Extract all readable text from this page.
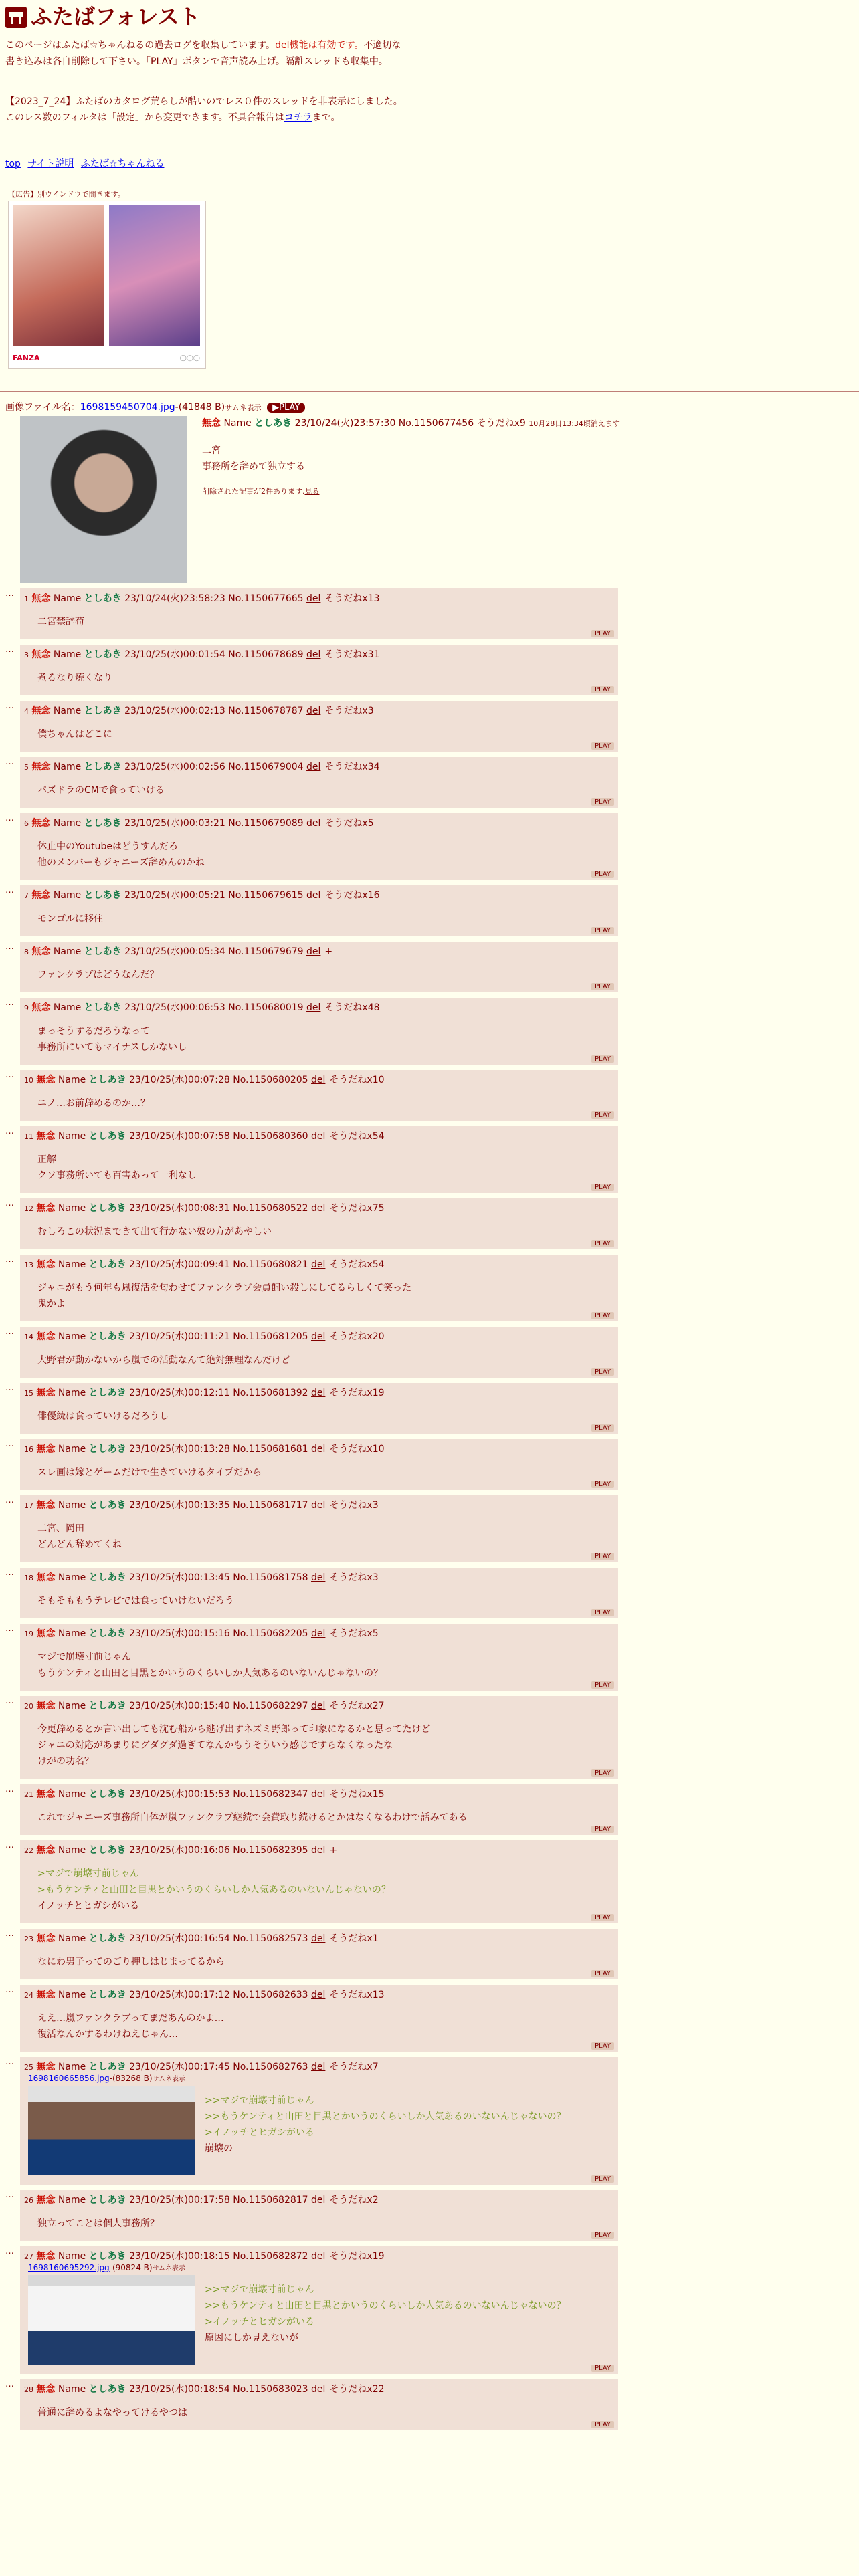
ふたばフォレスト

このページはふたば☆ちゃんねるの過去ログを収集しています。del機能は有効です。不適切な書き込みは各自削除して下さい。「PLAY」ボタンで音声読み上げ。隔離スレッドも収集中。

【2023_7_24】ふたばのカタログ荒らしが酷いのでレス０件のスレッドを非表示にしました。このレス数のフィルタは「設定」から変更できます。不具合報告はコチラまで。

top サイト説明 ふたば☆ちゃんねる
【広告】別ウインドウで開きます。
FANZA	◯◯◯
画像ファイル名：1698159450704.jpg-(41848 B)サムネ表示 ▶PLAY
無念 Name としあき 23/10/24(火)23:57:30 No.1150677456 そうだねx9 10月28日13:34頃消えます
二宮
事務所を辞めて独立する
削除された記事が2件あります.見る
…
1 無念 Name としあき 23/10/24(火)23:58:23 No.1150677665 del そうだねx13
二宮禁辞苟
PLAY
…
3 無念 Name としあき 23/10/25(水)00:01:54 No.1150678689 del そうだねx31
煮るなり焼くなり
PLAY
…
4 無念 Name としあき 23/10/25(水)00:02:13 No.1150678787 del そうだねx3
僕ちゃんはどこに
PLAY
…
5 無念 Name としあき 23/10/25(水)00:02:56 No.1150679004 del そうだねx34
パズドラのCMで食っていける
PLAY
…
6 無念 Name としあき 23/10/25(水)00:03:21 No.1150679089 del そうだねx5
休止中のYoutubeはどうすんだろ
他のメンバーもジャニーズ辞めんのかね
PLAY
…
7 無念 Name としあき 23/10/25(水)00:05:21 No.1150679615 del そうだねx16
モンゴルに移住
PLAY
…
8 無念 Name としあき 23/10/25(水)00:05:34 No.1150679679 del +
ファンクラブはどうなんだ？
PLAY
…
9 無念 Name としあき 23/10/25(水)00:06:53 No.1150680019 del そうだねx48
まっそうするだろうなって
事務所にいてもマイナスしかないし
PLAY
…
10 無念 Name としあき 23/10/25(水)00:07:28 No.1150680205 del そうだねx10
ニノ…お前辞めるのか…？
PLAY
…
11 無念 Name としあき 23/10/25(水)00:07:58 No.1150680360 del そうだねx54
正解
クソ事務所いても百害あって一利なし
PLAY
…
12 無念 Name としあき 23/10/25(水)00:08:31 No.1150680522 del そうだねx75
むしろこの状況まできて出て行かない奴の方があやしい
PLAY
…
13 無念 Name としあき 23/10/25(水)00:09:41 No.1150680821 del そうだねx54
ジャニがもう何年も嵐復活を匂わせてファンクラブ会員飼い殺しにしてるらしくて笑った
鬼かよ
PLAY
…
14 無念 Name としあき 23/10/25(水)00:11:21 No.1150681205 del そうだねx20
大野君が動かないから嵐での活動なんて絶対無理なんだけど
PLAY
…
15 無念 Name としあき 23/10/25(水)00:12:11 No.1150681392 del そうだねx19
俳優続は食っていけるだろうし
PLAY
…
16 無念 Name としあき 23/10/25(水)00:13:28 No.1150681681 del そうだねx10
スレ画は嫁とゲームだけで生きていけるタイプだから
PLAY
…
17 無念 Name としあき 23/10/25(水)00:13:35 No.1150681717 del そうだねx3
二宮、岡田
どんどん辞めてくね
PLAY
…
18 無念 Name としあき 23/10/25(水)00:13:45 No.1150681758 del そうだねx3
そもそももうテレビでは食っていけないだろう
PLAY
…
19 無念 Name としあき 23/10/25(水)00:15:16 No.1150682205 del そうだねx5
マジで崩壊寸前じゃん
もうケンティと山田と目黒とかいうのくらいしか人気あるのいないんじゃないの？
PLAY
…
20 無念 Name としあき 23/10/25(水)00:15:40 No.1150682297 del そうだねx27
今更辞めるとか言い出しても沈む船から逃げ出すネズミ野郎って印象になるかと思ってたけど
ジャニの対応があまりにグダグダ過ぎてなんかもうそういう感じですらなくなったな
けがの功名？
PLAY
…
21 無念 Name としあき 23/10/25(水)00:15:53 No.1150682347 del そうだねx15
これでジャニーズ事務所自体が嵐ファンクラブ継続で会費取り続けるとかはなくなるわけで話みてある
PLAY
…
22 無念 Name としあき 23/10/25(水)00:16:06 No.1150682395 del +
>マジで崩壊寸前じゃん
>もうケンティと山田と目黒とかいうのくらいしか人気あるのいないんじゃないの？
イノッチとヒガシがいる
PLAY
…
23 無念 Name としあき 23/10/25(水)00:16:54 No.1150682573 del そうだねx1
なにわ男子ってのごり押しはじまってるから
PLAY
…
24 無念 Name としあき 23/10/25(水)00:17:12 No.1150682633 del そうだねx13
ええ…嵐ファンクラブってまだあんのかよ…
復活なんかするわけねえじゃん…
PLAY
…
25 無念 Name としあき 23/10/25(水)00:17:45 No.1150682763 del そうだねx7
1698160665856.jpg-(83268 B)サムネ表示
>>マジで崩壊寸前じゃん
>>もうケンティと山田と目黒とかいうのくらいしか人気あるのいないんじゃないの？
>イノッチとヒガシがいる
崩壊の
PLAY
…
26 無念 Name としあき 23/10/25(水)00:17:58 No.1150682817 del そうだねx2
独立ってことは個人事務所？
PLAY
…
27 無念 Name としあき 23/10/25(水)00:18:15 No.1150682872 del そうだねx19
1698160695292.jpg-(90824 B)サムネ表示
>>マジで崩壊寸前じゃん
>>もうケンティと山田と目黒とかいうのくらいしか人気あるのいないんじゃないの？
>イノッチとヒガシがいる
原因にしか見えないが
PLAY
…
28 無念 Name としあき 23/10/25(水)00:18:54 No.1150683023 del そうだねx22
普通に辞めるよなやってけるやつは
PLAY
